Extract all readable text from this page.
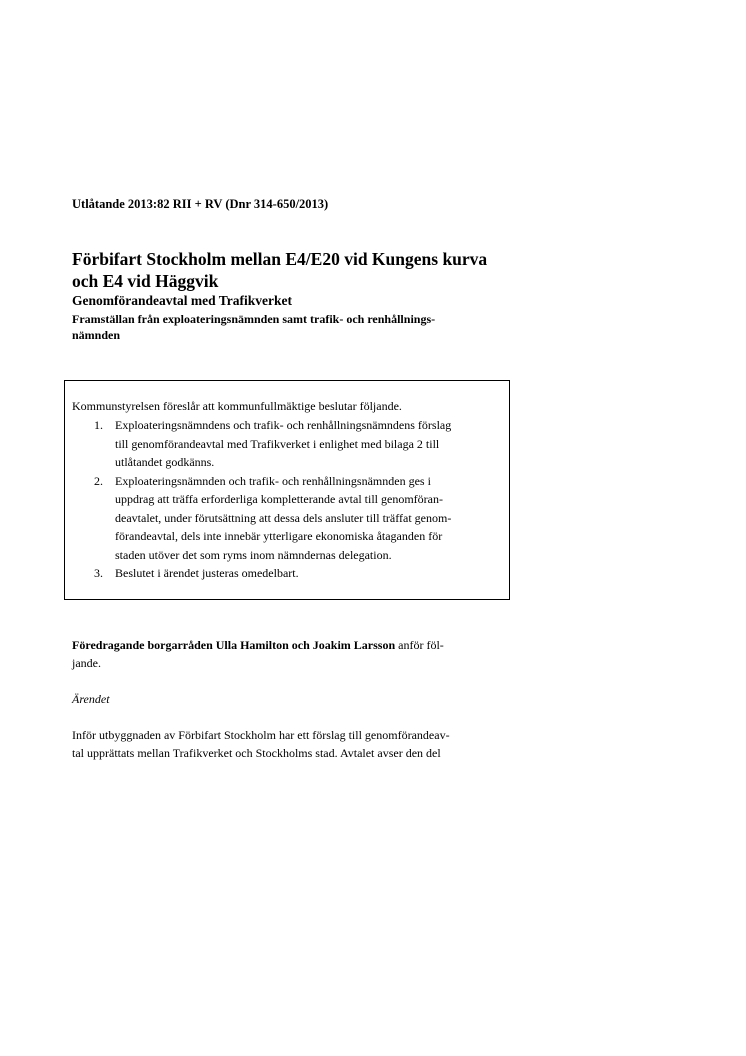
Utlåtande 2013:82 RII + RV (Dnr 314-650/2013)

Förbifart Stockholm mellan E4/E20 vid Kungens kurva
och E4 vid Häggvik
Genomförandeavtal med Trafikverket

Framställan från exploateringsnämnden samt trafik- och renhållnings-
nämnden

Kommunstyrelsen föreslår att kommunfullmäktige beslutar följande.

1. Exploateringsnämndens och trafik- och renhållningsnämndens förslag
till genomförandeavtal med Trafikverket i enlighet med bilaga 2 till
utlåtandet godkänns.
2. Exploateringsnämnden och trafik- och renhållningsnämnden ges i
uppdrag att träffa erforderliga kompletterande avtal till genomföran-
deavtalet, under förutsättning att dessa dels ansluter till träffat genom-
förandeavtal, dels inte innebär ytterligare ekonomiska åtaganden för
staden utöver det som ryms inom nämndernas delegation.
3. Beslutet i ärendet justeras omedelbart.

Föredragande borgarråden Ulla Hamilton och Joakim Larsson anför föl-
jande.

Ärendet

Inför utbyggnaden av Förbifart Stockholm har ett förslag till genomförandeav-
tal upprättats mellan Trafikverket och Stockholms stad. Avtalet avser den del
